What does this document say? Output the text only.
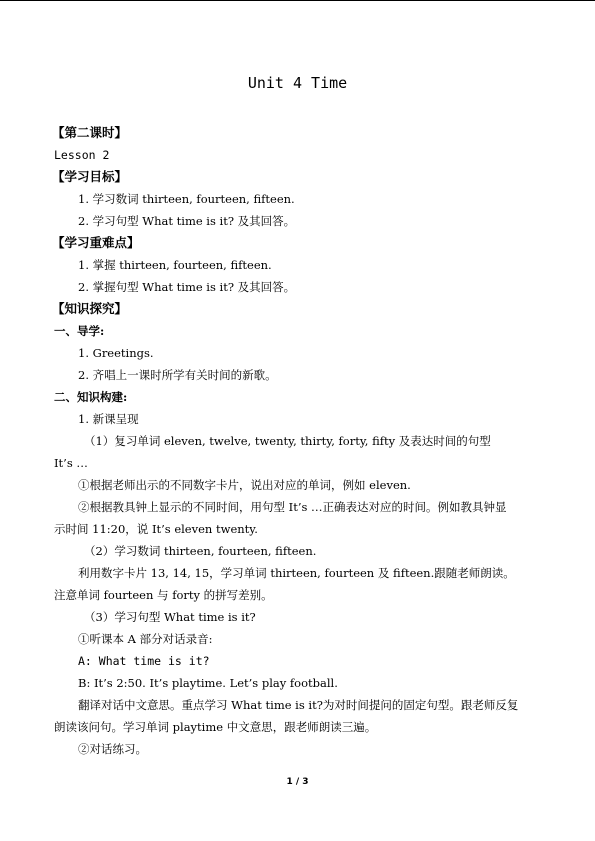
Unit 4 Time
【第二课时】
Lesson 2
【学习目标】
1. 学习数词 thirteen, fourteen, fifteen.
2. 学习句型 What time is it? 及其回答。
【学习重难点】
1. 掌握 thirteen, fourteen, fifteen.
2. 掌握句型 What time is it? 及其回答。
【知识探究】
一、导学:
1. Greetings.
2. 齐唱上一课时所学有关时间的新歌。
二、知识构建:
1. 新课呈现
（1）复习单词 eleven, twelve, twenty, thirty, forty, fifty 及表达时间的句型
It’s …
①根据老师出示的不同数字卡片，说出对应的单词，例如 eleven.
②根据教具钟上显示的不同时间，用句型 It’s …正确表达对应的时间。例如教具钟显
示时间 11:20，说 It’s eleven twenty.
（2）学习数词 thirteen, fourteen, fifteen.
利用数字卡片 13, 14, 15，学习单词 thirteen, fourteen 及 fifteen.跟随老师朗读。
注意单词 fourteen 与 forty 的拼写差别。
（3）学习句型 What time is it?
①听课本 A 部分对话录音:
A: What time is it?
B: It’s 2:50. It’s playtime. Let’s play football.
翻译对话中文意思。重点学习 What time is it?为对时间提问的固定句型。跟老师反复
朗读该问句。学习单词 playtime 中文意思，跟老师朗读三遍。
②对话练习。
1 / 3
